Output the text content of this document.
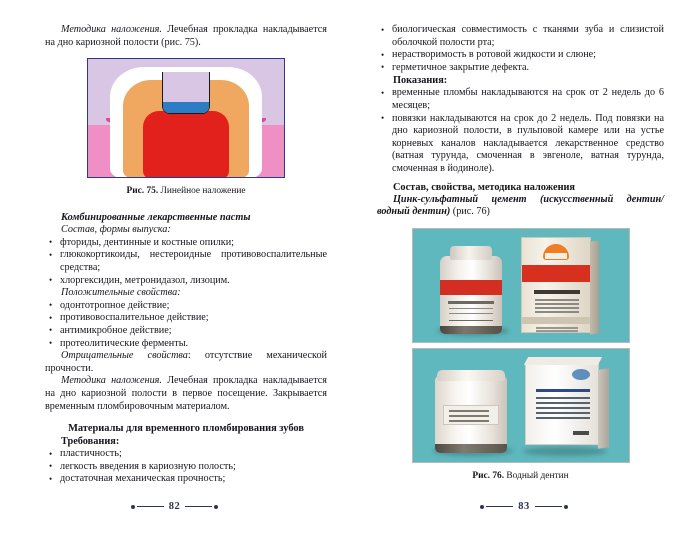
Методика наложения. Лечебная прокладка накладывается на дно кариозной полости (рис. 75).

Рис. 75. Линейное наложение

Комбинированные лекарственные пасты

Состав, формы выпуска:

• фториды, дентинные и костные опилки;
• глюкокортикоиды, нестероидные противовоспалительные средства;
• хлоргексидин, метронидазол, лизоцим.

Положительные свойства:

• одонтотропное действие;
• противовоспалительное действие;
• антимикробное действие;
• протеолитические ферменты.

Отрицательные свойства: отсутствие механической прочности.

Методика наложения. Лечебная прокладка накладывается на дно кариозной полости в первое посещение. Закрывается временным пломбировочным материалом.

Материалы для временного пломбирования зубов

Требования:

• пластичность;
• легкость введения в кариозную полость;
• достаточная механическая прочность;
82
• биологическая совместимость с тканями зуба и слизистой оболочкой полости рта;
• нерастворимость в ротовой жидкости и слюне;
• герметичное закрытие дефекта.

Показания:

• временные пломбы накладываются на срок от 2 недель до 6 месяцев;
• повязки накладываются на срок до 2 недель. Под повязки на дно кариозной полости, в пульповой камере или на устье корневых каналов накладывается лекарственное средство (ватная турунда, смоченная в эвгеноле, ватная турунда, смоченная в йодиноле).

Состав, свойства, методика наложения

Цинк-сульфатный цемент (искусственный дентин/водный дентин) (рис. 76)

Рис. 76. Водный дентин

83
